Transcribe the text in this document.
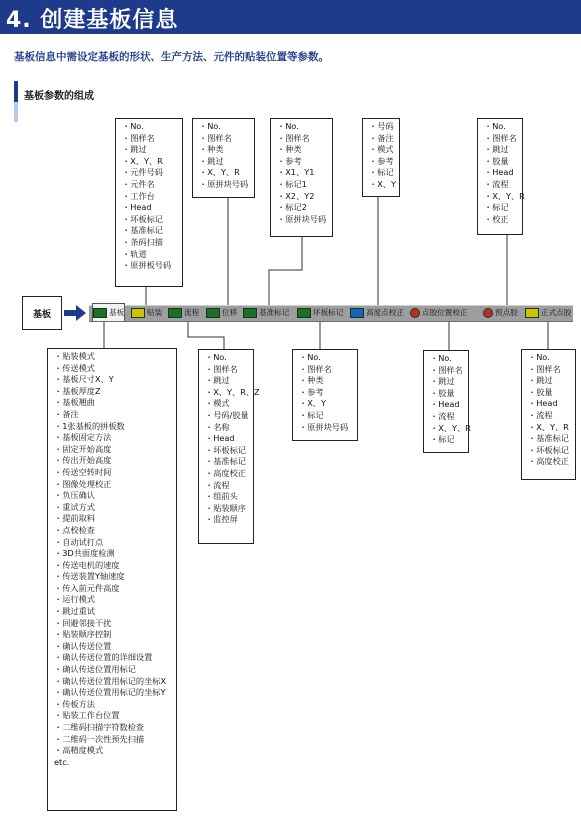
4. 创建基板信息
基板信息中需设定基板的形状、生产方法、元件的贴装位置等参数。
基板参数的组成
基板	基板	贴装	流程	位移	基准标记	坏板标记	高度点校正 点胶位置校正	预点胶	正式点胶
・No.
・图样名
・跳过
・X、Y、R
・元件号码
・元件名
・工作台
・Head
・坏板标记
・基准标记
・条码扫描
・轨道
・原拼板号码
・No.
・图样名
・种类
・跳过
・X、Y、R
・原拼块号码
・No.
・图样名
・种类
・参考
・X1、Y1
・标记1
・X2、Y2
・标记2
・原拼块号码
・号码
・备注
・模式
・参考
・标记
・X、Y
・No.
・图样名
・跳过
・胶量
・Head
・流程
・X、Y、R
・标记
・校正
・贴装模式
・传送模式
・基板尺寸X、Y
・基板厚度Z
・基板翘曲
・备注
・1张基板的拼板数
・基板固定方法
・固定开始高度
・传出开始高度
・传送空转时间
・图像处理校正
・负压确认
・重试方式
・提前取料
・点校检查
・自动试打点
・3D共面度检测
・传送电机的速度
・传送装置Y轴速度
・传入前元件高度
・运行模式
・跳过重试
・回避邻接干扰
・贴装顺序控制
・确认传送位置
・确认传送位置的详细设置
・确认传送位置用标记
・确认传送位置用标记的坐标X
・确认传送位置用标记的坐标Y
・传板方法
・贴装工作台位置
・二维码扫描字符数检查
・二维码一次性预先扫描
・高精度模式
etc.
・No.
・图样名
・跳过
・X、Y、R、Z
・模式
・号码/胶量
・名称
・Head
・坏板标记
・基准标记
・高度校正
・流程
・组前头
・贴装顺序
・监控屏
・No.
・图样名
・种类
・参考
・X、Y
・标记
・原拼块号码
・No.
・图样名
・跳过
・胶量
・Head
・流程
・X、Y、R
・标记
・No.
・图样名
・跳过
・胶量
・Head
・流程
・X、Y、R
・基准标记
・坏板标记
・高度校正
